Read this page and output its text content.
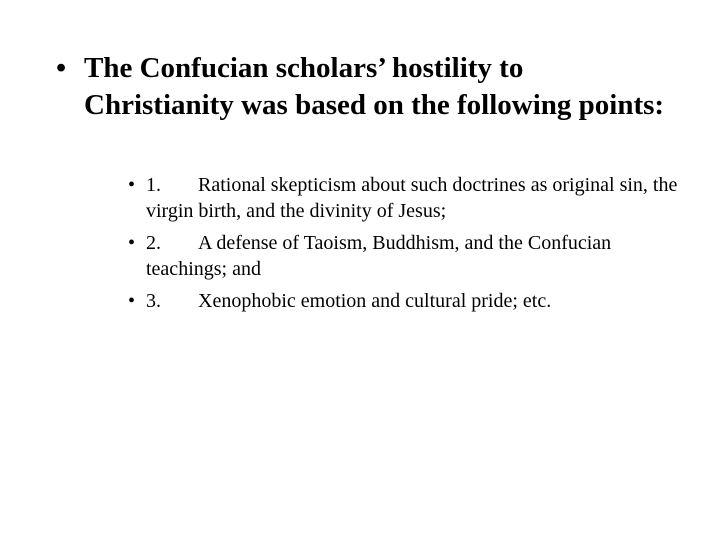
• The Confucian scholars’ hostility to Christianity was based on the following points:
• 1. Rational skepticism about such doctrines as original sin, the virgin birth, and the divinity of Jesus;
• 2. A defense of Taoism, Buddhism, and the Confucian teachings; and
• 3. Xenophobic emotion and cultural pride; etc.
